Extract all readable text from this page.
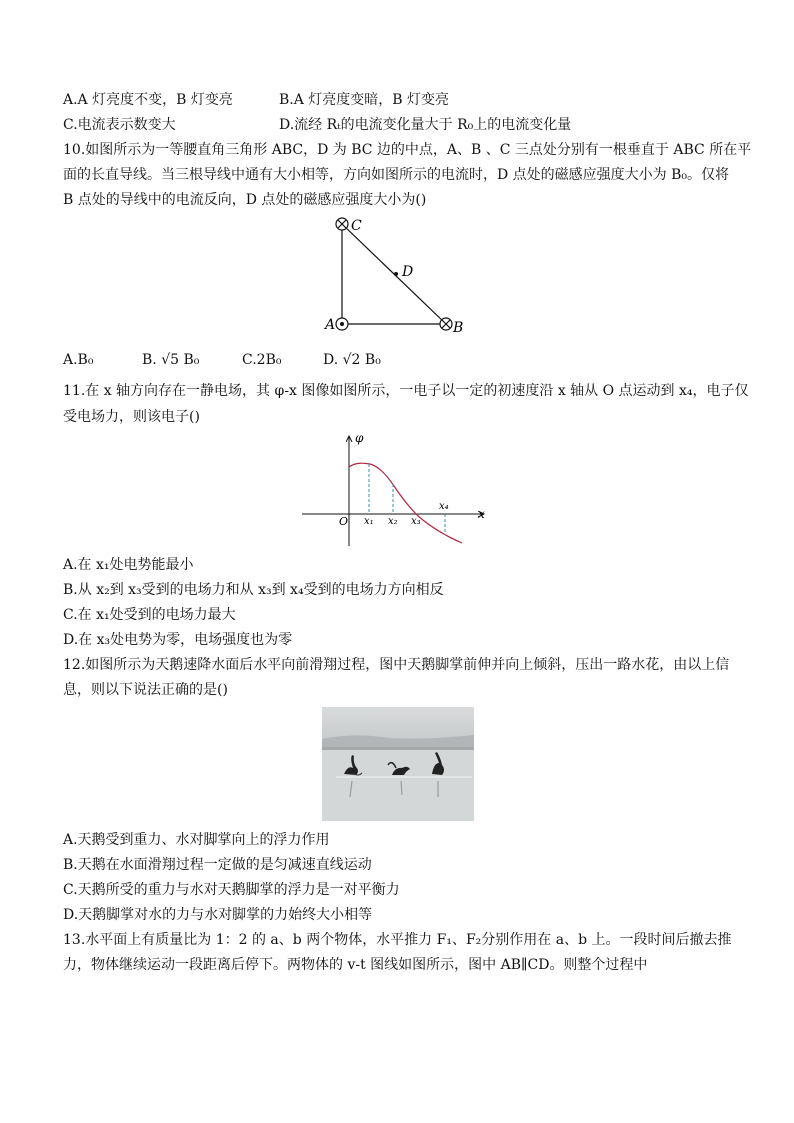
A.A 灯亮度不变，B 灯变亮	B.A 灯亮度变暗，B 灯变亮
C.电流表示数变大	D.流经 Rₜ的电流变化量大于 R₀上的电流变化量
10.如图所示为一等腰直角三角形 ABC，D 为 BC 边的中点，A、B 、C 三点处分别有一根垂直于 ABC 所在平
面的长直导线。当三根导线中通有大小相等，方向如图所示的电流时，D 点处的磁感应强度大小为 B₀。仅将
B 点处的导线中的电流反向，D 点处的磁感应强度大小为()
C
D
A	B
A.B₀	B. √5 B₀	C.2B₀	D. √2 B₀
11.在 x 轴方向存在一静电场，其 φ-x 图像如图所示，一电子以一定的初速度沿 x 轴从 O 点运动到 x₄，电子仅
受电场力，则该电子()
φ
x
O x₁ x₂ x₃
x₄
A.在 x₁处电势能最小
B.从 x₂到 x₃受到的电场力和从 x₃到 x₄受到的电场力方向相反
C.在 x₁处受到的电场力最大
D.在 x₃处电势为零，电场强度也为零
12.如图所示为天鹅速降水面后水平向前滑翔过程，图中天鹅脚掌前伸并向上倾斜，压出一路水花，由以上信
息，则以下说法正确的是()
A.天鹅受到重力、水对脚掌向上的浮力作用
B.天鹅在水面滑翔过程一定做的是匀减速直线运动
C.天鹅所受的重力与水对天鹅脚掌的浮力是一对平衡力
D.天鹅脚掌对水的力与水对脚掌的力始终大小相等
13.水平面上有质量比为 1：2 的 a、b 两个物体，水平推力 F₁、F₂分别作用在 a、b 上。一段时间后撤去推
力，物体继续运动一段距离后停下。两物体的 v-t 图线如图所示，图中 AB∥CD。则整个过程中
